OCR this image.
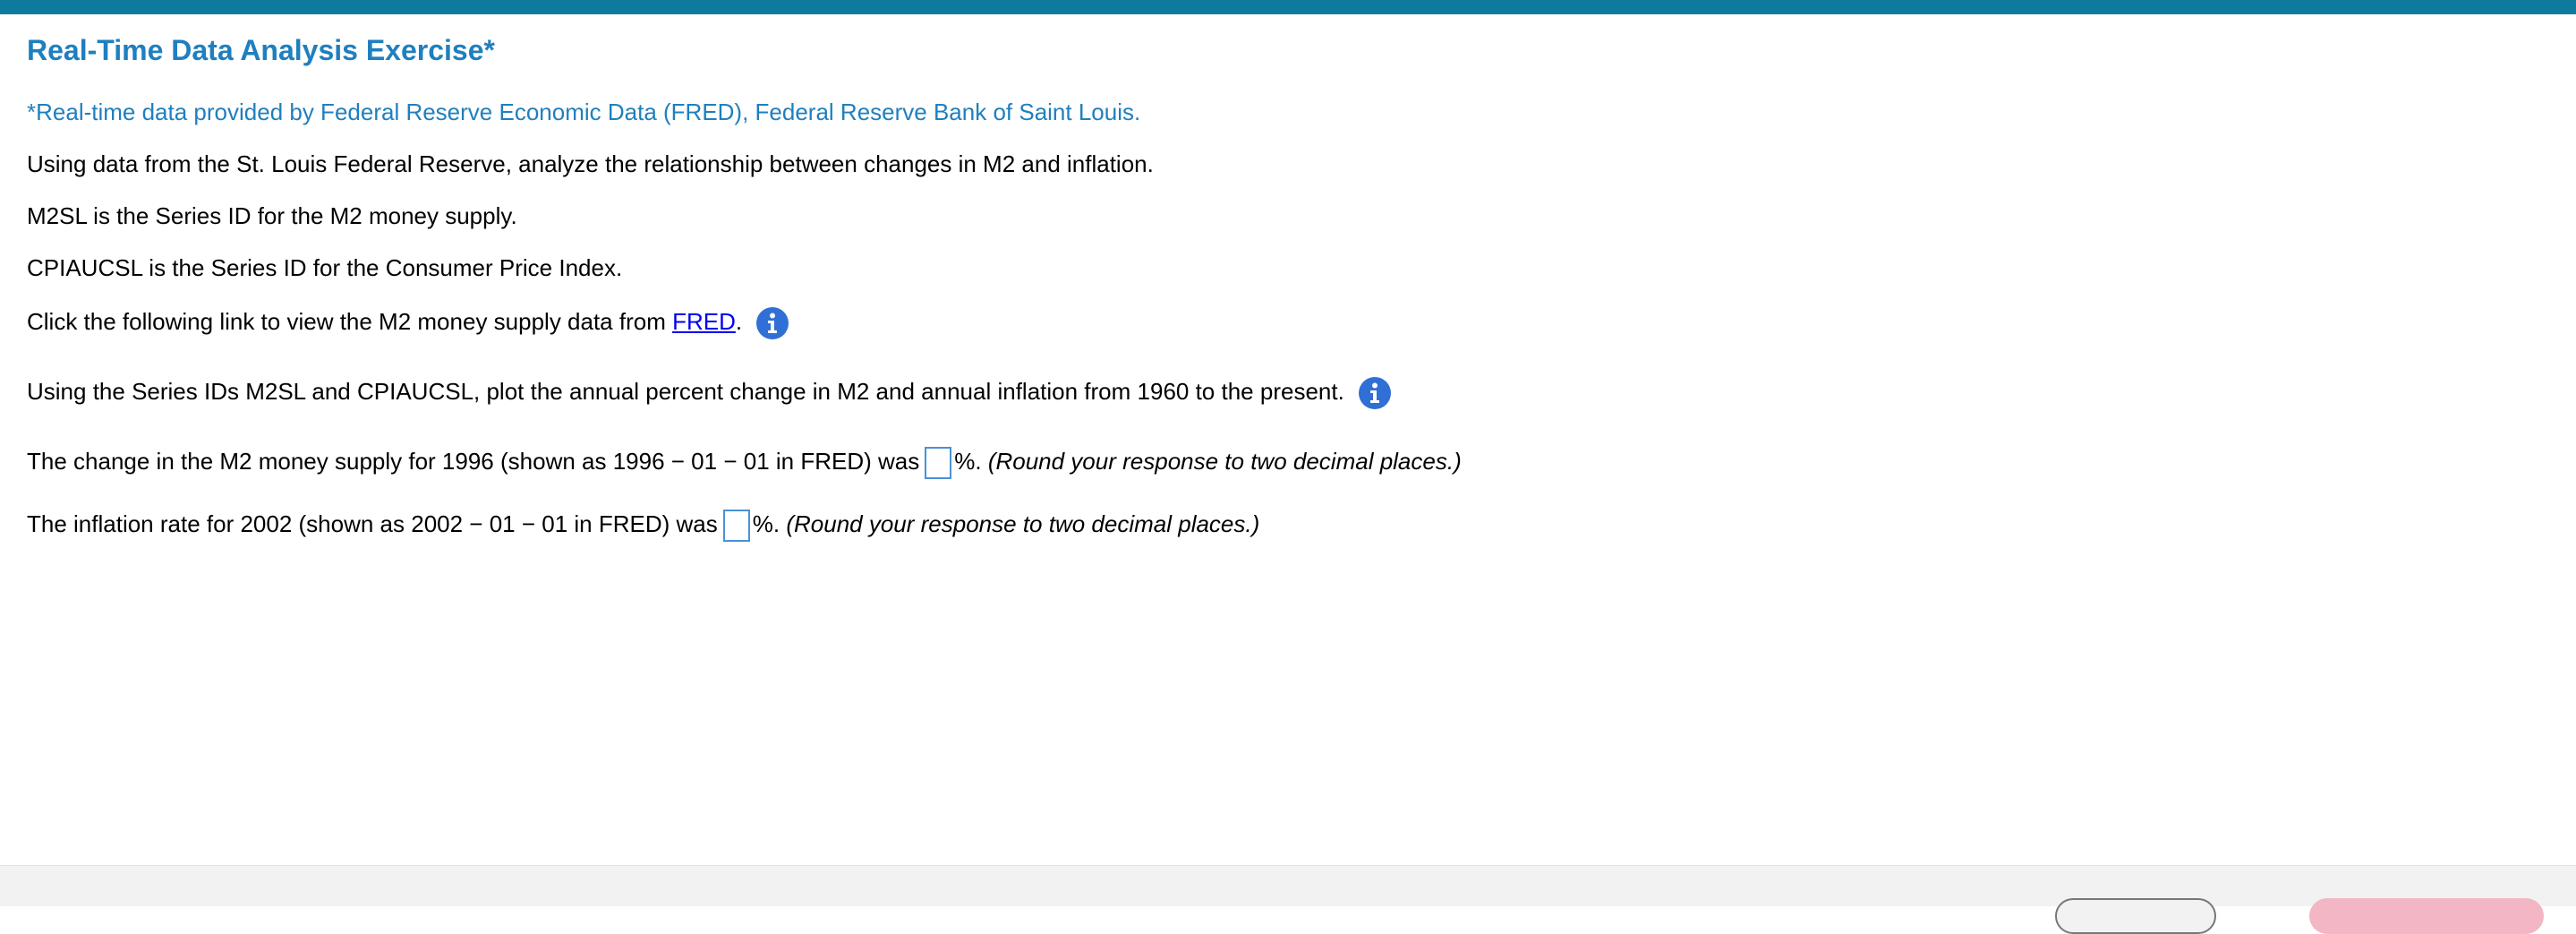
Real-Time Data Analysis Exercise*
*Real-time data provided by Federal Reserve Economic Data (FRED), Federal Reserve Bank of Saint Louis.
Using data from the St. Louis Federal Reserve, analyze the relationship between changes in M2 and inflation.
M2SL is the Series ID for the M2 money supply.
CPIAUCSL is the Series ID for the Consumer Price Index.
Click the following link to view the M2 money supply data from FRED.
Using the Series IDs M2SL and CPIAUCSL, plot the annual percent change in M2 and annual inflation from 1960 to the present.
The change in the M2 money supply for 1996 (shown as 1996 − 01 − 01 in FRED) was %. (Round your response to two decimal places.)
The inflation rate for 2002 (shown as 2002 − 01 − 01 in FRED) was %. (Round your response to two decimal places.)
